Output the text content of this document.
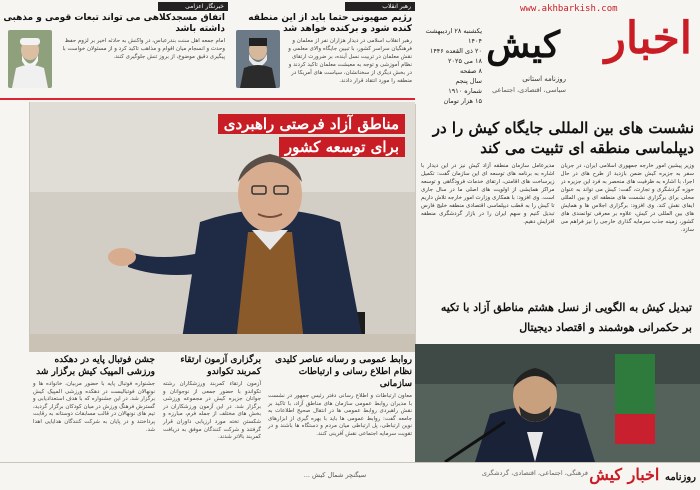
www.akhbarkish.com
اخبار
کیش
یکشنبه ۲۸ اردیبهشت ۱۴۰۴
۲۰ ذی القعده ۱۴۴۶
۱۸ می ۲۰۲۵
۸ صفحه
سال پنجم
شماره ۱۹۱۰
۱۵ هزار تومان
روزنامه استانی
سیاسی، اقتصادی، اجتماعی
رهبر انقلاب
رژیم صهیونی حتما باید از این منطقه کنده شود و برکنده خواهد شد

رهبر انقلاب اسلامی در دیدار هزاران نفر از معلمان و فرهنگیان سراسر کشور، با تبیین جایگاه والای معلمی و نقش معلمان در تربیت نسل آینده، بر ضرورت ارتقای نظام آموزشی و توجه به معیشت معلمان تاکید کردند و در بخش دیگری از سخنانشان، سیاست های آمریکا در منطقه را مورد انتقاد قرار دادند.

خبرنگار اعزامی
اتفاق مسجدکلاهی می تواند تبعات قومی و مذهبی داشته باشد

امام جمعه اهل سنت بندرعباس، در واکنش به حادثه اخیر بر لزوم حفظ وحدت و انسجام میان اقوام و مذاهب تاکید کرد و از مسئولان خواست با پیگیری دقیق موضوع، از بروز تنش جلوگیری کنند.

مناطق آزاد فرصتی راهبردی
برای توسعه کشور
نشست های بین المللی جایگاه کیش را در دیپلماسی منطقه ای تثبیت می کند

وزیر پیشین امور خارجه جمهوری اسلامی ایران، در جریان سفر به جزیره کیش ضمن بازدید از طرح های در حال اجرا، با اشاره به ظرفیت های منحصر به فرد این جزیره در حوزه گردشگری و تجارت، گفت: کیش می تواند به عنوان محلی برای برگزاری نشست های منطقه ای و بین المللی ایفای نقش کند. وی افزود: برگزاری اجلاس ها و همایش های بین المللی در کیش، علاوه بر معرفی توانمندی های کشور، زمینه جذب سرمایه گذاری خارجی را نیز فراهم می سازد.

مدیرعامل سازمان منطقه آزاد کیش نیز در این دیدار با اشاره به برنامه های توسعه ای این سازمان گفت: تکمیل زیرساخت های اقامتی، ارتقای خدمات فرودگاهی و توسعه مراکز همایشی از اولویت های اصلی ما در سال جاری است. وی افزود: با همکاری وزارت امور خارجه تلاش داریم تا کیش را به قطب دیپلماسی اقتصادی منطقه خلیج فارس تبدیل کنیم و سهم ایران را در بازار گردشگری منطقه افزایش دهیم.

تبدیل کیش به الگویی از نسل هشتم مناطق آزاد با تکیه
بر حکمرانی هوشمند و اقتصاد دیجیتال
روابط عمومی و رسانه عناصر کلیدی نظام اطلاع رسانی و ارتباطات سازمانی

معاون ارتباطات و اطلاع رسانی دفتر رئیس جمهور در نشست با مدیران روابط عمومی سازمان های مناطق آزاد، با تاکید بر نقش راهبردی روابط عمومی ها در انتقال صحیح اطلاعات به جامعه گفت: روابط عمومی ها باید با بهره گیری از ابزارهای نوین ارتباطی، پل ارتباطی میان مردم و دستگاه ها باشند و در تقویت سرمایه اجتماعی نقش آفرینی کنند.

برگزاری آزمون ارتقاء کمربند تکواندو

آزمون ارتقاء کمربند ورزشکاران رشته تکواندو با حضور جمعی از نوجوانان و جوانان جزیره کیش در مجموعه ورزشی برگزار شد. در این آزمون ورزشکاران در بخش های مختلف از جمله فرم، مبارزه و شکستن تخته مورد ارزیابی داوران قرار گرفتند و شرکت کنندگان موفق به دریافت کمربند بالاتر شدند.

جشن فوتبال پایه در دهکده ورزشی المپیک کیش برگزار شد

جشنواره فوتبال پایه با حضور مربیان، خانواده ها و نونهالان فوتبالیست در دهکده ورزشی المپیک کیش برگزار شد. در این جشنواره که با هدف استعدادیابی و گسترش فرهنگ ورزش در میان کودکان برگزار گردید، تیم های نونهالان در قالب مسابقات دوستانه به رقابت پرداختند و در پایان به شرکت کنندگان هدایایی اهدا شد.

روزنامه اخبار کیش
فرهنگی، اجتماعی، اقتصادی، گردشگری
سیگنچر شمال کیش ...
